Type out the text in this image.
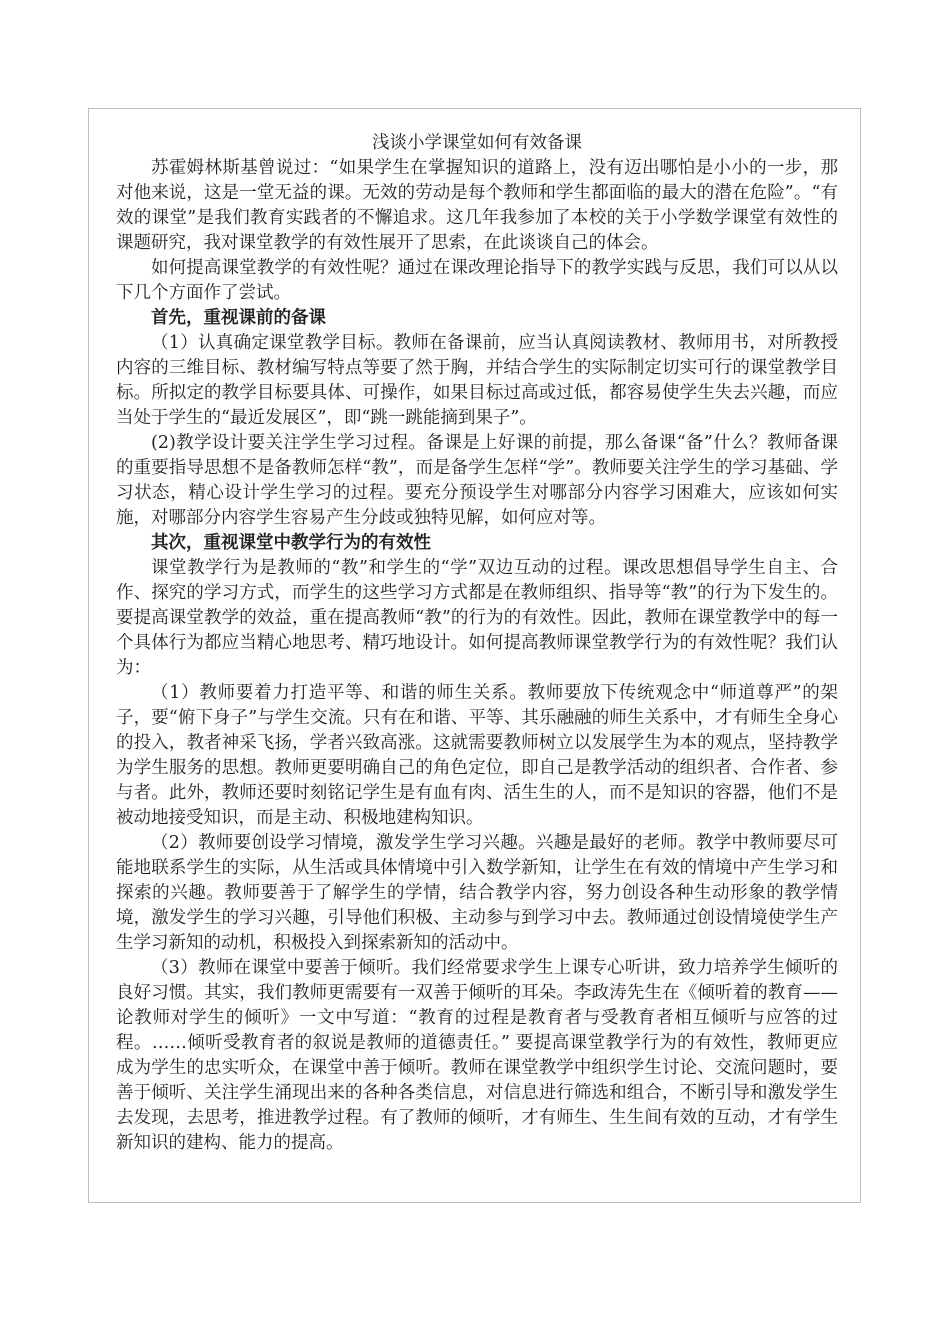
浅谈小学课堂如何有效备课

苏霍姆林斯基曾说过：“如果学生在掌握知识的道路上，没有迈出哪怕是小小的一步，那对他来说，这是一堂无益的课。无效的劳动是每个教师和学生都面临的最大的潜在危险”。“有效的课堂”是我们教育实践者的不懈追求。这几年我参加了本校的关于小学数学课堂有效性的课题研究，我对课堂教学的有效性展开了思索，在此谈谈自己的体会。

如何提高课堂教学的有效性呢？通过在课改理论指导下的教学实践与反思，我们可以从以下几个方面作了尝试。

首先，重视课前的备课

（1）认真确定课堂教学目标。教师在备课前，应当认真阅读教材、教师用书，对所教授内容的三维目标、教材编写特点等要了然于胸，并结合学生的实际制定切实可行的课堂教学目标。所拟定的教学目标要具体、可操作，如果目标过高或过低，都容易使学生失去兴趣，而应当处于学生的“最近发展区”，即“跳一跳能摘到果子”。

(2)教学设计要关注学生学习过程。备课是上好课的前提，那么备课“备”什么？教师备课的重要指导思想不是备教师怎样“教”，而是备学生怎样“学”。教师要关注学生的学习基础、学习状态，精心设计学生学习的过程。要充分预设学生对哪部分内容学习困难大，应该如何实施，对哪部分内容学生容易产生分歧或独特见解，如何应对等。

其次，重视课堂中教学行为的有效性

课堂教学行为是教师的“教”和学生的“学”双边互动的过程。课改思想倡导学生自主、合作、探究的学习方式，而学生的这些学习方式都是在教师组织、指导等“教”的行为下发生的。要提高课堂教学的效益，重在提高教师“教”的行为的有效性。因此，教师在课堂教学中的每一个具体行为都应当精心地思考、精巧地设计。如何提高教师课堂教学行为的有效性呢？我们认为：

（1）教师要着力打造平等、和谐的师生关系。教师要放下传统观念中“师道尊严”的架子，要“俯下身子”与学生交流。只有在和谐、平等、其乐融融的师生关系中，才有师生全身心的投入，教者神采飞扬，学者兴致高涨。这就需要教师树立以发展学生为本的观点，坚持教学为学生服务的思想。教师更要明确自己的角色定位，即自己是教学活动的组织者、合作者、参与者。此外，教师还要时刻铭记学生是有血有肉、活生生的人，而不是知识的容器，他们不是被动地接受知识，而是主动、积极地建构知识。

（2）教师要创设学习情境，激发学生学习兴趣。兴趣是最好的老师。教学中教师要尽可能地联系学生的实际，从生活或具体情境中引入数学新知，让学生在有效的情境中产生学习和探索的兴趣。教师要善于了解学生的学情，结合教学内容，努力创设各种生动形象的教学情境，激发学生的学习兴趣，引导他们积极、主动参与到学习中去。教师通过创设情境使学生产生学习新知的动机，积极投入到探索新知的活动中。

（3）教师在课堂中要善于倾听。我们经常要求学生上课专心听讲，致力培养学生倾听的良好习惯。其实，我们教师更需要有一双善于倾听的耳朵。李政涛先生在《倾听着的教育——论教师对学生的倾听》一文中写道：“教育的过程是教育者与受教育者相互倾听与应答的过程。……倾听受教育者的叙说是教师的道德责任。” 要提高课堂教学行为的有效性，教师更应成为学生的忠实听众，在课堂中善于倾听。教师在课堂教学中组织学生讨论、交流问题时，要善于倾听、关注学生涌现出来的各种各类信息，对信息进行筛选和组合，不断引导和激发学生去发现，去思考，推进教学过程。有了教师的倾听，才有师生、生生间有效的互动，才有学生新知识的建构、能力的提高。
